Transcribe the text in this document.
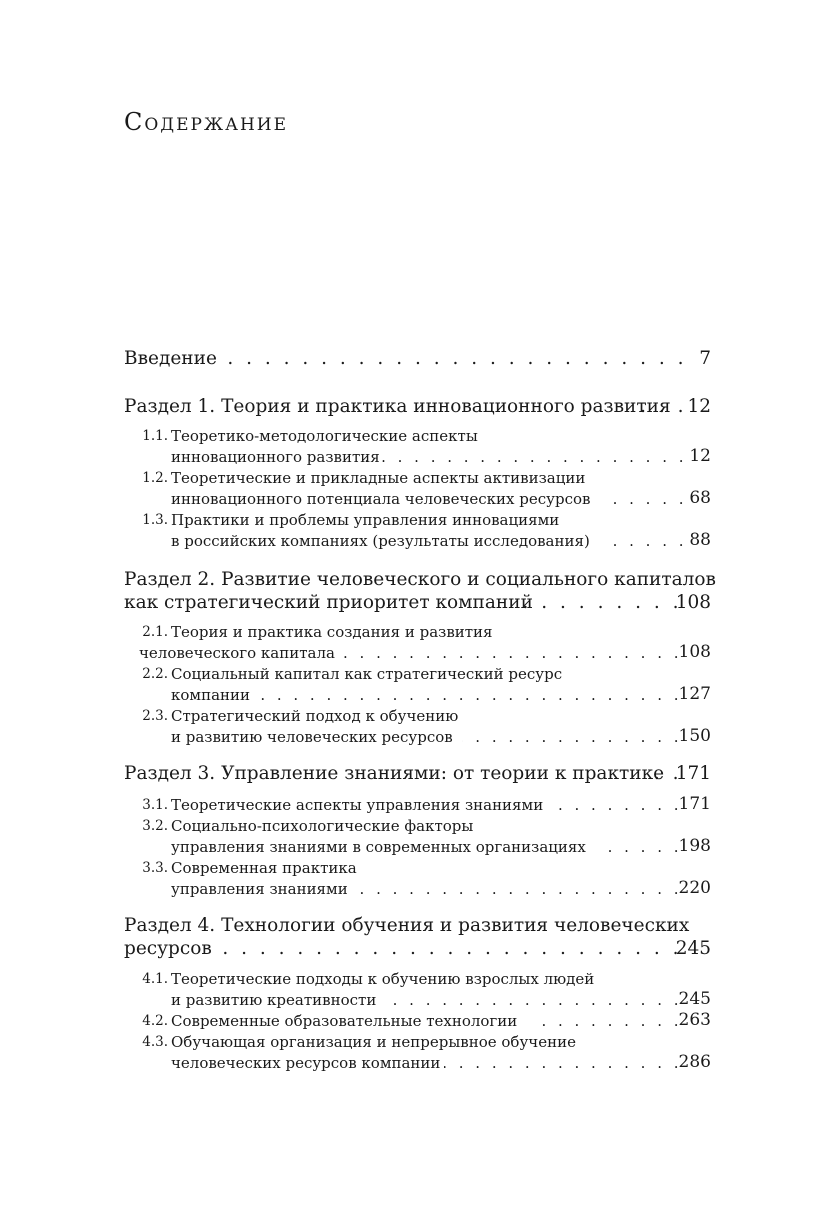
Содержание
Введение . . .	7
Раздел 1. Теория и практика инновационного развития . . . 12
1.1. Теоретико-методологические аспекты
инновационного развития . . .	12
1.2. Теоретические и прикладные аспекты активизации
инновационного потенциала человеческих ресурсов . . .	68
1.3. Практики и проблемы управления инновациями
в российских компаниях (результаты исследования) . . .	88
Раздел 2. Развитие человеческого и социального капиталов
как стратегический приоритет компаний . . .	108
2.1. Теория и практика создания и развития
человеческого капитала . . .	108
2.2. Социальный капитал как стратегический ресурс
компании . . .	127
2.3. Стратегический подход к обучению
и развитию человеческих ресурсов . . .	150
Раздел 3. Управление знаниями: от теории к практике . . . 171
3.1. Теоретические аспекты управления знаниями . . .	171
3.2. Социально-психологические факторы
управления знаниями в современных организациях . . .	198
3.3. Современная практика
управления знаниями . . .	220
Раздел 4. Технологии обучения и развития человеческих
ресурсов . . .	245
4.1. Теоретические подходы к обучению взрослых людей
и развитию креативности . . .	245
4.2. Современные образовательные технологии . . .	263
4.3. Обучающая организация и непрерывное обучение
человеческих ресурсов компании . . .	286
